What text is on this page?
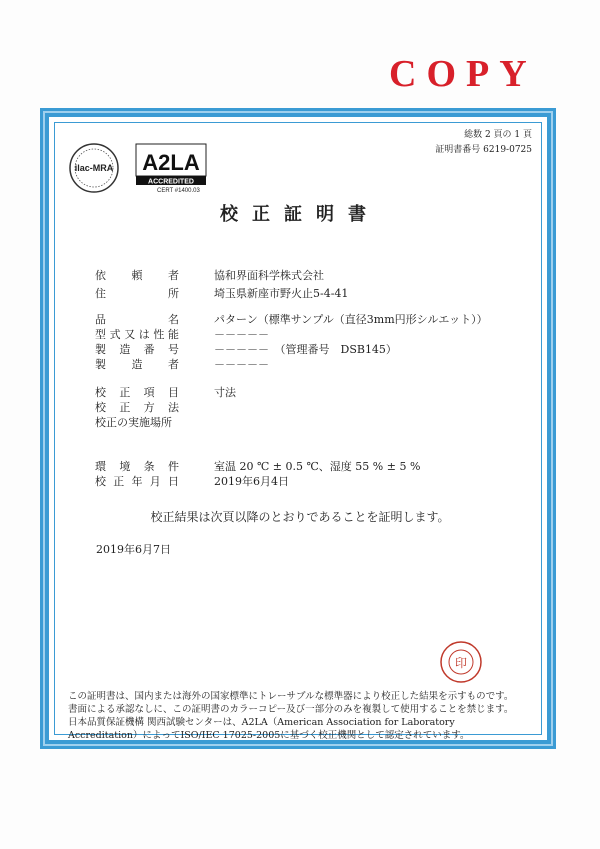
COPY
総数 2 頁の 1 頁
証明書番号 6219-0725
ilac-MRA A2LA
ACCREDITED
CERT #1400.03
校正証明書
依頼者	協和界面科学株式会社
住所	埼玉県新座市野火止5-4-41
品名	パターン（標準サンプル（直径3mm円形シルエット））
型式又は性能	－－－－－
製造番号	－－－－－　（管理番号　DSB145）
製造者	－－－－－
校正項目	寸法
校正方法
校正の実施場所
環境条件	室温 20 ℃ ± 0.5 ℃、湿度 55 % ± 5 %
校正年月日	2019年6月4日
校正結果は次頁以降のとおりであることを証明します。
2019年6月7日
印
この証明書は、国内または海外の国家標準にトレーサブルな標準器により校正した結果を示すものです。
書面による承認なしに、この証明書のカラーコピー及び一部分のみを複製して使用することを禁じます。
日本品質保証機構 関西試験センターは、A2LA（American Association for Laboratory
Accreditation）によってISO/IEC 17025-2005に基づく校正機関として認定されています。
